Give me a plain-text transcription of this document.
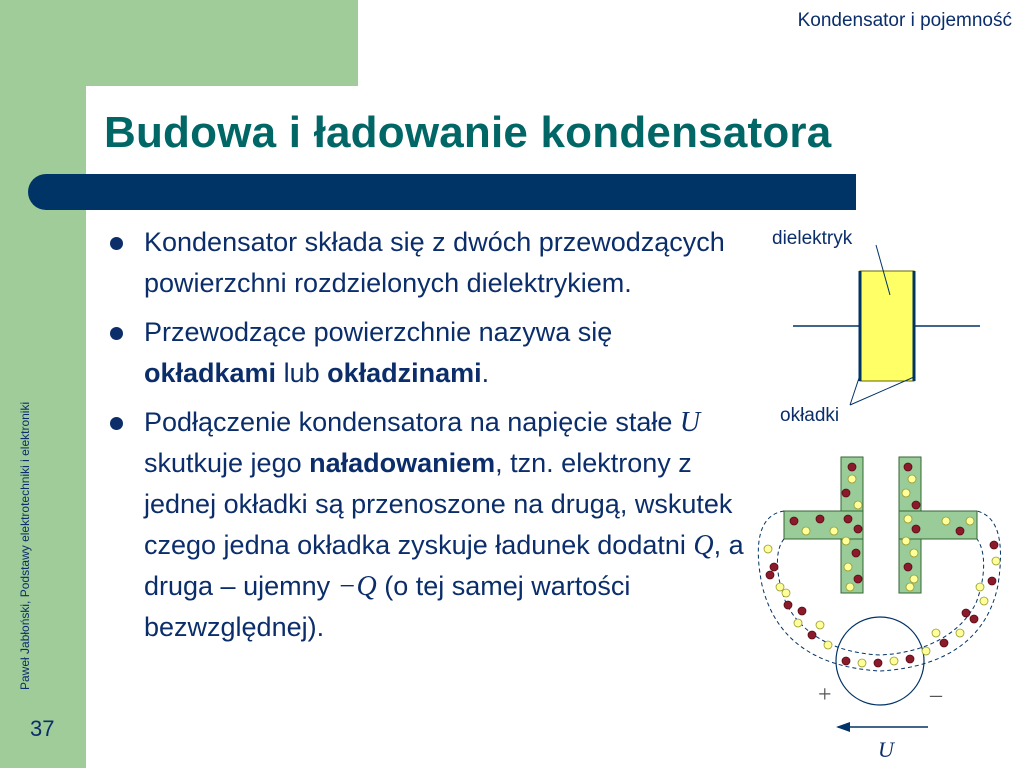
Kondensator i pojemność
Budowa i ładowanie kondensatora
Paweł Jabłoński, Podstawy elektrotechniki i elektroniki
37
Kondensator składa się z dwóch przewodzących powierzchni rozdzielonych dielektrykiem.
Przewodzące powierzchnie nazywa się okładkami lub okładzinami.
Podłączenie kondensatora na napięcie stałe U skutkuje jego naładowaniem, tzn. elektrony z jednej okładki są przenoszone na drugą, wskutek czego jedna okładka zyskuje ładunek dodatni Q, a druga – ujemny −Q (o tej samej wartości bezwzględnej).
dielektryk
okładki
+	–
U
